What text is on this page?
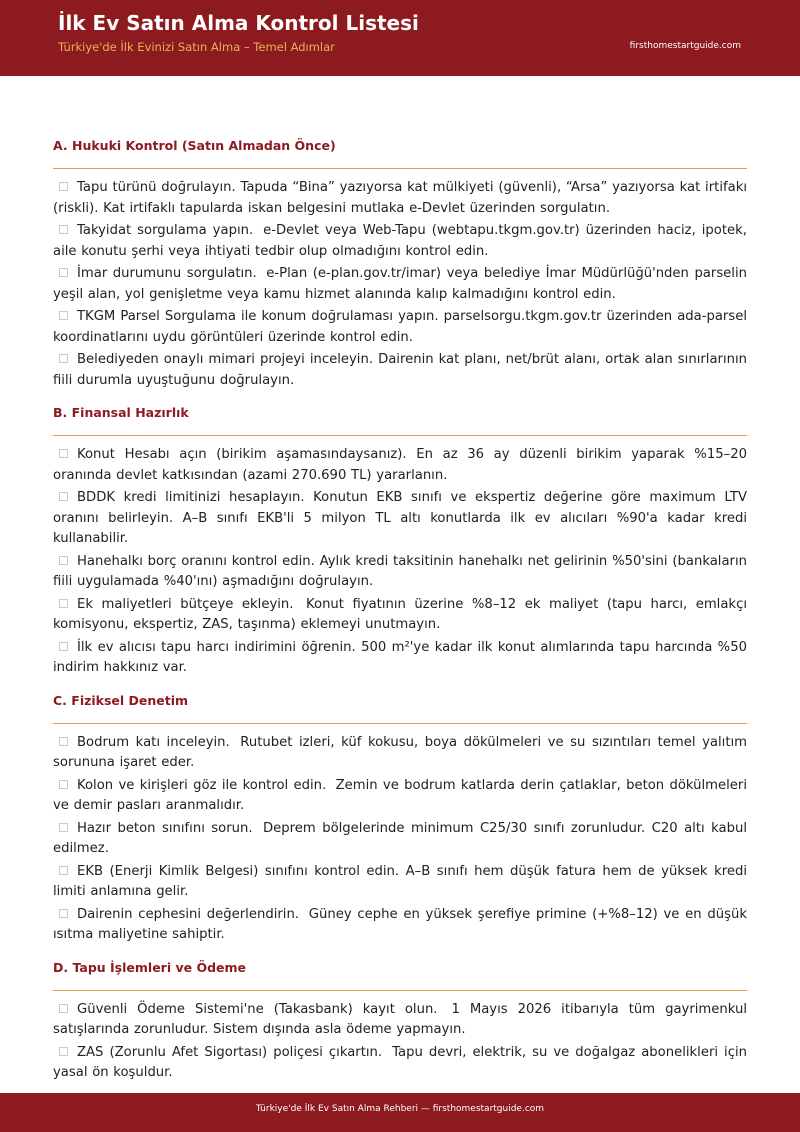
İlk Ev Satın Alma Kontrol Listesi
Türkiye'de İlk Evinizi Satın Alma – Temel Adımlar	firsthomestartguide.com
A. Hukuki Kontrol (Satın Almadan Önce)
Tapu türünü doğrulayın. Tapuda “Bina” yazıyorsa kat mülkiyeti (güvenli), “Arsa” yazıyorsa kat irtifakı (riskli). Kat irtifaklı tapularda iskan belgesini mutlaka e-Devlet üzerinden sorgulatın.
Takyidat sorgulama yapın. e-Devlet veya Web-Tapu (webtapu.tkgm.gov.tr) üzerinden haciz, ipotek, aile konutu şerhi veya ihtiyati tedbir olup olmadığını kontrol edin.
İmar durumunu sorgulatın. e-Plan (e-plan.gov.tr/imar) veya belediye İmar Müdürlüğü'nden parselin yeşil alan, yol genişletme veya kamu hizmet alanında kalıp kalmadığını kontrol edin.
TKGM Parsel Sorgulama ile konum doğrulaması yapın. parselsorgu.tkgm.gov.tr üzerinden ada-parsel koordinatlarını uydu görüntüleri üzerinde kontrol edin.
Belediyeden onaylı mimari projeyi inceleyin. Dairenin kat planı, net/brüt alanı, ortak alan sınırlarının fiili durumla uyuştuğunu doğrulayın.
B. Finansal Hazırlık
Konut Hesabı açın (birikim aşamasındaysanız). En az 36 ay düzenli birikim yaparak %15–20 oranında devlet katkısından (azami 270.690 TL) yararlanın.
BDDK kredi limitinizi hesaplayın. Konutun EKB sınıfı ve ekspertiz değerine göre maximum LTV oranını belirleyin. A–B sınıfı EKB'li 5 milyon TL altı konutlarda ilk ev alıcıları %90'a kadar kredi kullanabilir.
Hanehalkı borç oranını kontrol edin. Aylık kredi taksitinin hanehalkı net gelirinin %50'sini (bankaların fiili uygulamada %40'ını) aşmadığını doğrulayın.
Ek maliyetleri bütçeye ekleyin. Konut fiyatının üzerine %8–12 ek maliyet (tapu harcı, emlakçı komisyonu, ekspertiz, ZAS, taşınma) eklemeyi unutmayın.
İlk ev alıcısı tapu harcı indirimini öğrenin. 500 m²'ye kadar ilk konut alımlarında tapu harcında %50 indirim hakkınız var.
C. Fiziksel Denetim
Bodrum katı inceleyin. Rutubet izleri, küf kokusu, boya dökülmeleri ve su sızıntıları temel yalıtım sorununa işaret eder.
Kolon ve kirişleri göz ile kontrol edin. Zemin ve bodrum katlarda derin çatlaklar, beton dökülmeleri ve demir pasları aranmalıdır.
Hazır beton sınıfını sorun. Deprem bölgelerinde minimum C25/30 sınıfı zorunludur. C20 altı kabul edilmez.
EKB (Enerji Kimlik Belgesi) sınıfını kontrol edin. A–B sınıfı hem düşük fatura hem de yüksek kredi limiti anlamına gelir.
Dairenin cephesini değerlendirin. Güney cephe en yüksek şerefiye primine (+%8–12) ve en düşük ısıtma maliyetine sahiptir.
D. Tapu İşlemleri ve Ödeme
Güvenli Ödeme Sistemi'ne (Takasbank) kayıt olun. 1 Mayıs 2026 itibarıyla tüm gayrimenkul satışlarında zorunludur. Sistem dışında asla ödeme yapmayın.
ZAS (Zorunlu Afet Sigortası) poliçesi çıkartın. Tapu devri, elektrik, su ve doğalgaz abonelikleri için yasal ön koşuldur.
Türkiye'de İlk Ev Satın Alma Rehberi — firsthomestartguide.com
